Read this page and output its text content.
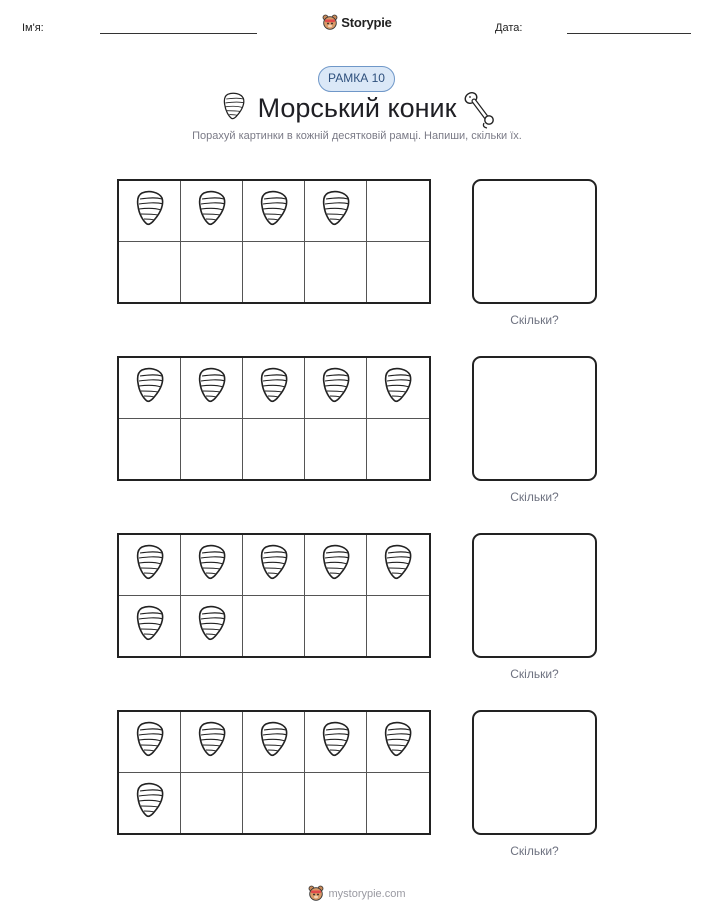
Ім'я:	Storypie	Дата:
РАМКА 10
Морський коник
Порахуй картинки в кожній десятковій рамці. Напиши, скільки їх.
Скільки?
Скільки?
Скільки?
Скільки?
mystorypie.com
